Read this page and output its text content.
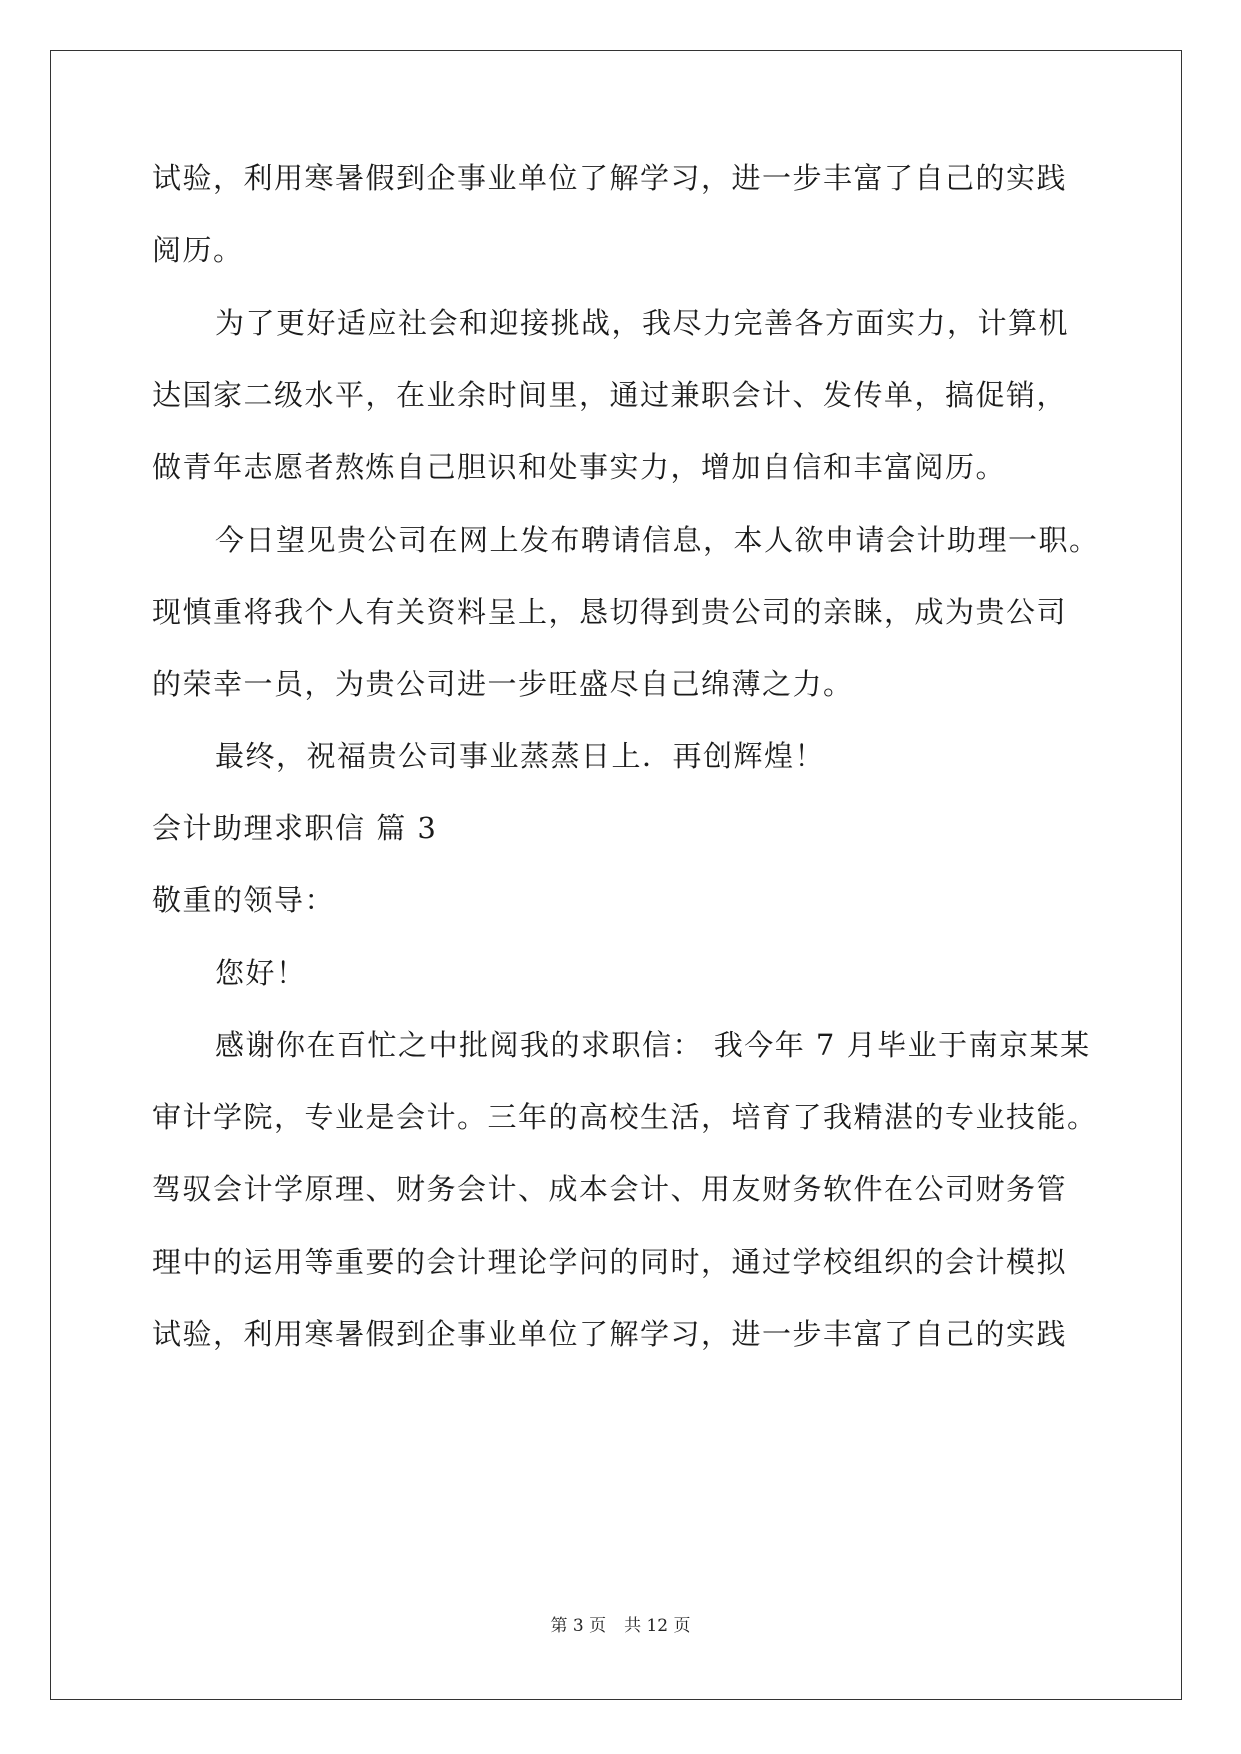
试验，利用寒暑假到企事业单位了解学习，进一步丰富了自己的实践
阅历。
为了更好适应社会和迎接挑战，我尽力完善各方面实力，计算机
达国家二级水平，在业余时间里，通过兼职会计、发传单，搞促销，
做青年志愿者熬炼自己胆识和处事实力，增加自信和丰富阅历。
今日望见贵公司在网上发布聘请信息，本人欲申请会计助理一职。
现慎重将我个人有关资料呈上，恳切得到贵公司的亲睐，成为贵公司
的荣幸一员，为贵公司进一步旺盛尽自己绵薄之力。
最终，祝福贵公司事业蒸蒸日上．再创辉煌！
会计助理求职信 篇 3
敬重的领导：
您好！
感谢你在百忙之中批阅我的求职信： 我今年 7 月毕业于南京某某
审计学院，专业是会计。三年的高校生活，培育了我精湛的专业技能。
驾驭会计学原理、财务会计、成本会计、用友财务软件在公司财务管
理中的运用等重要的会计理论学问的同时，通过学校组织的会计模拟
试验，利用寒暑假到企事业单位了解学习，进一步丰富了自己的实践
第 3 页 共 12 页
